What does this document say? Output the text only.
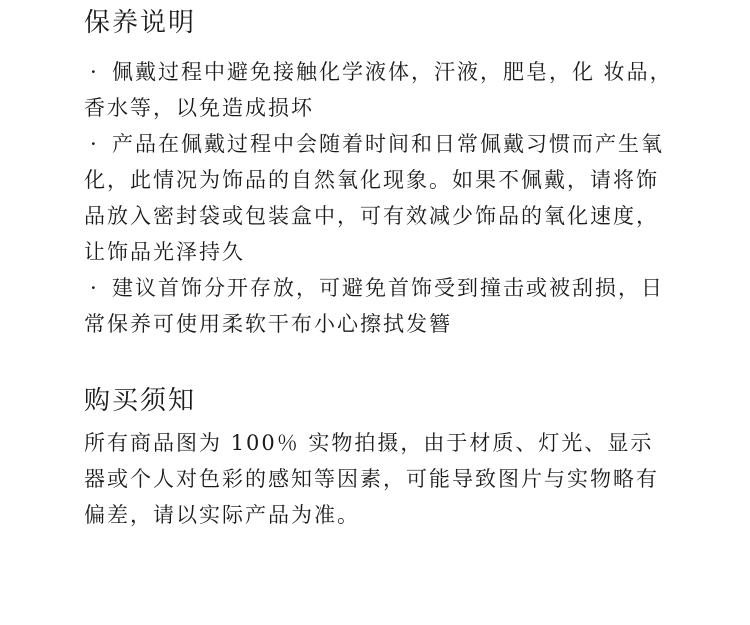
保养说明
· 佩戴过程中避免接触化学液体，汗液，肥皂，化 妆品，香水等，以免造成损坏
· 产品在佩戴过程中会随着时间和日常佩戴习惯而产生氧化，此情况为饰品的自然氧化现象。如果不佩戴，请将饰品放入密封袋或包装盒中，可有效减少饰品的氧化速度，让饰品光泽持久
· 建议首饰分开存放，可避免首饰受到撞击或被刮损，日常保养可使用柔软干布小心擦拭发簪
购买须知

所有商品图为 100％ 实物拍摄，由于材质、灯光、显示器或个人对色彩的感知等因素，可能导致图片与实物略有偏差，请以实际产品为准。
